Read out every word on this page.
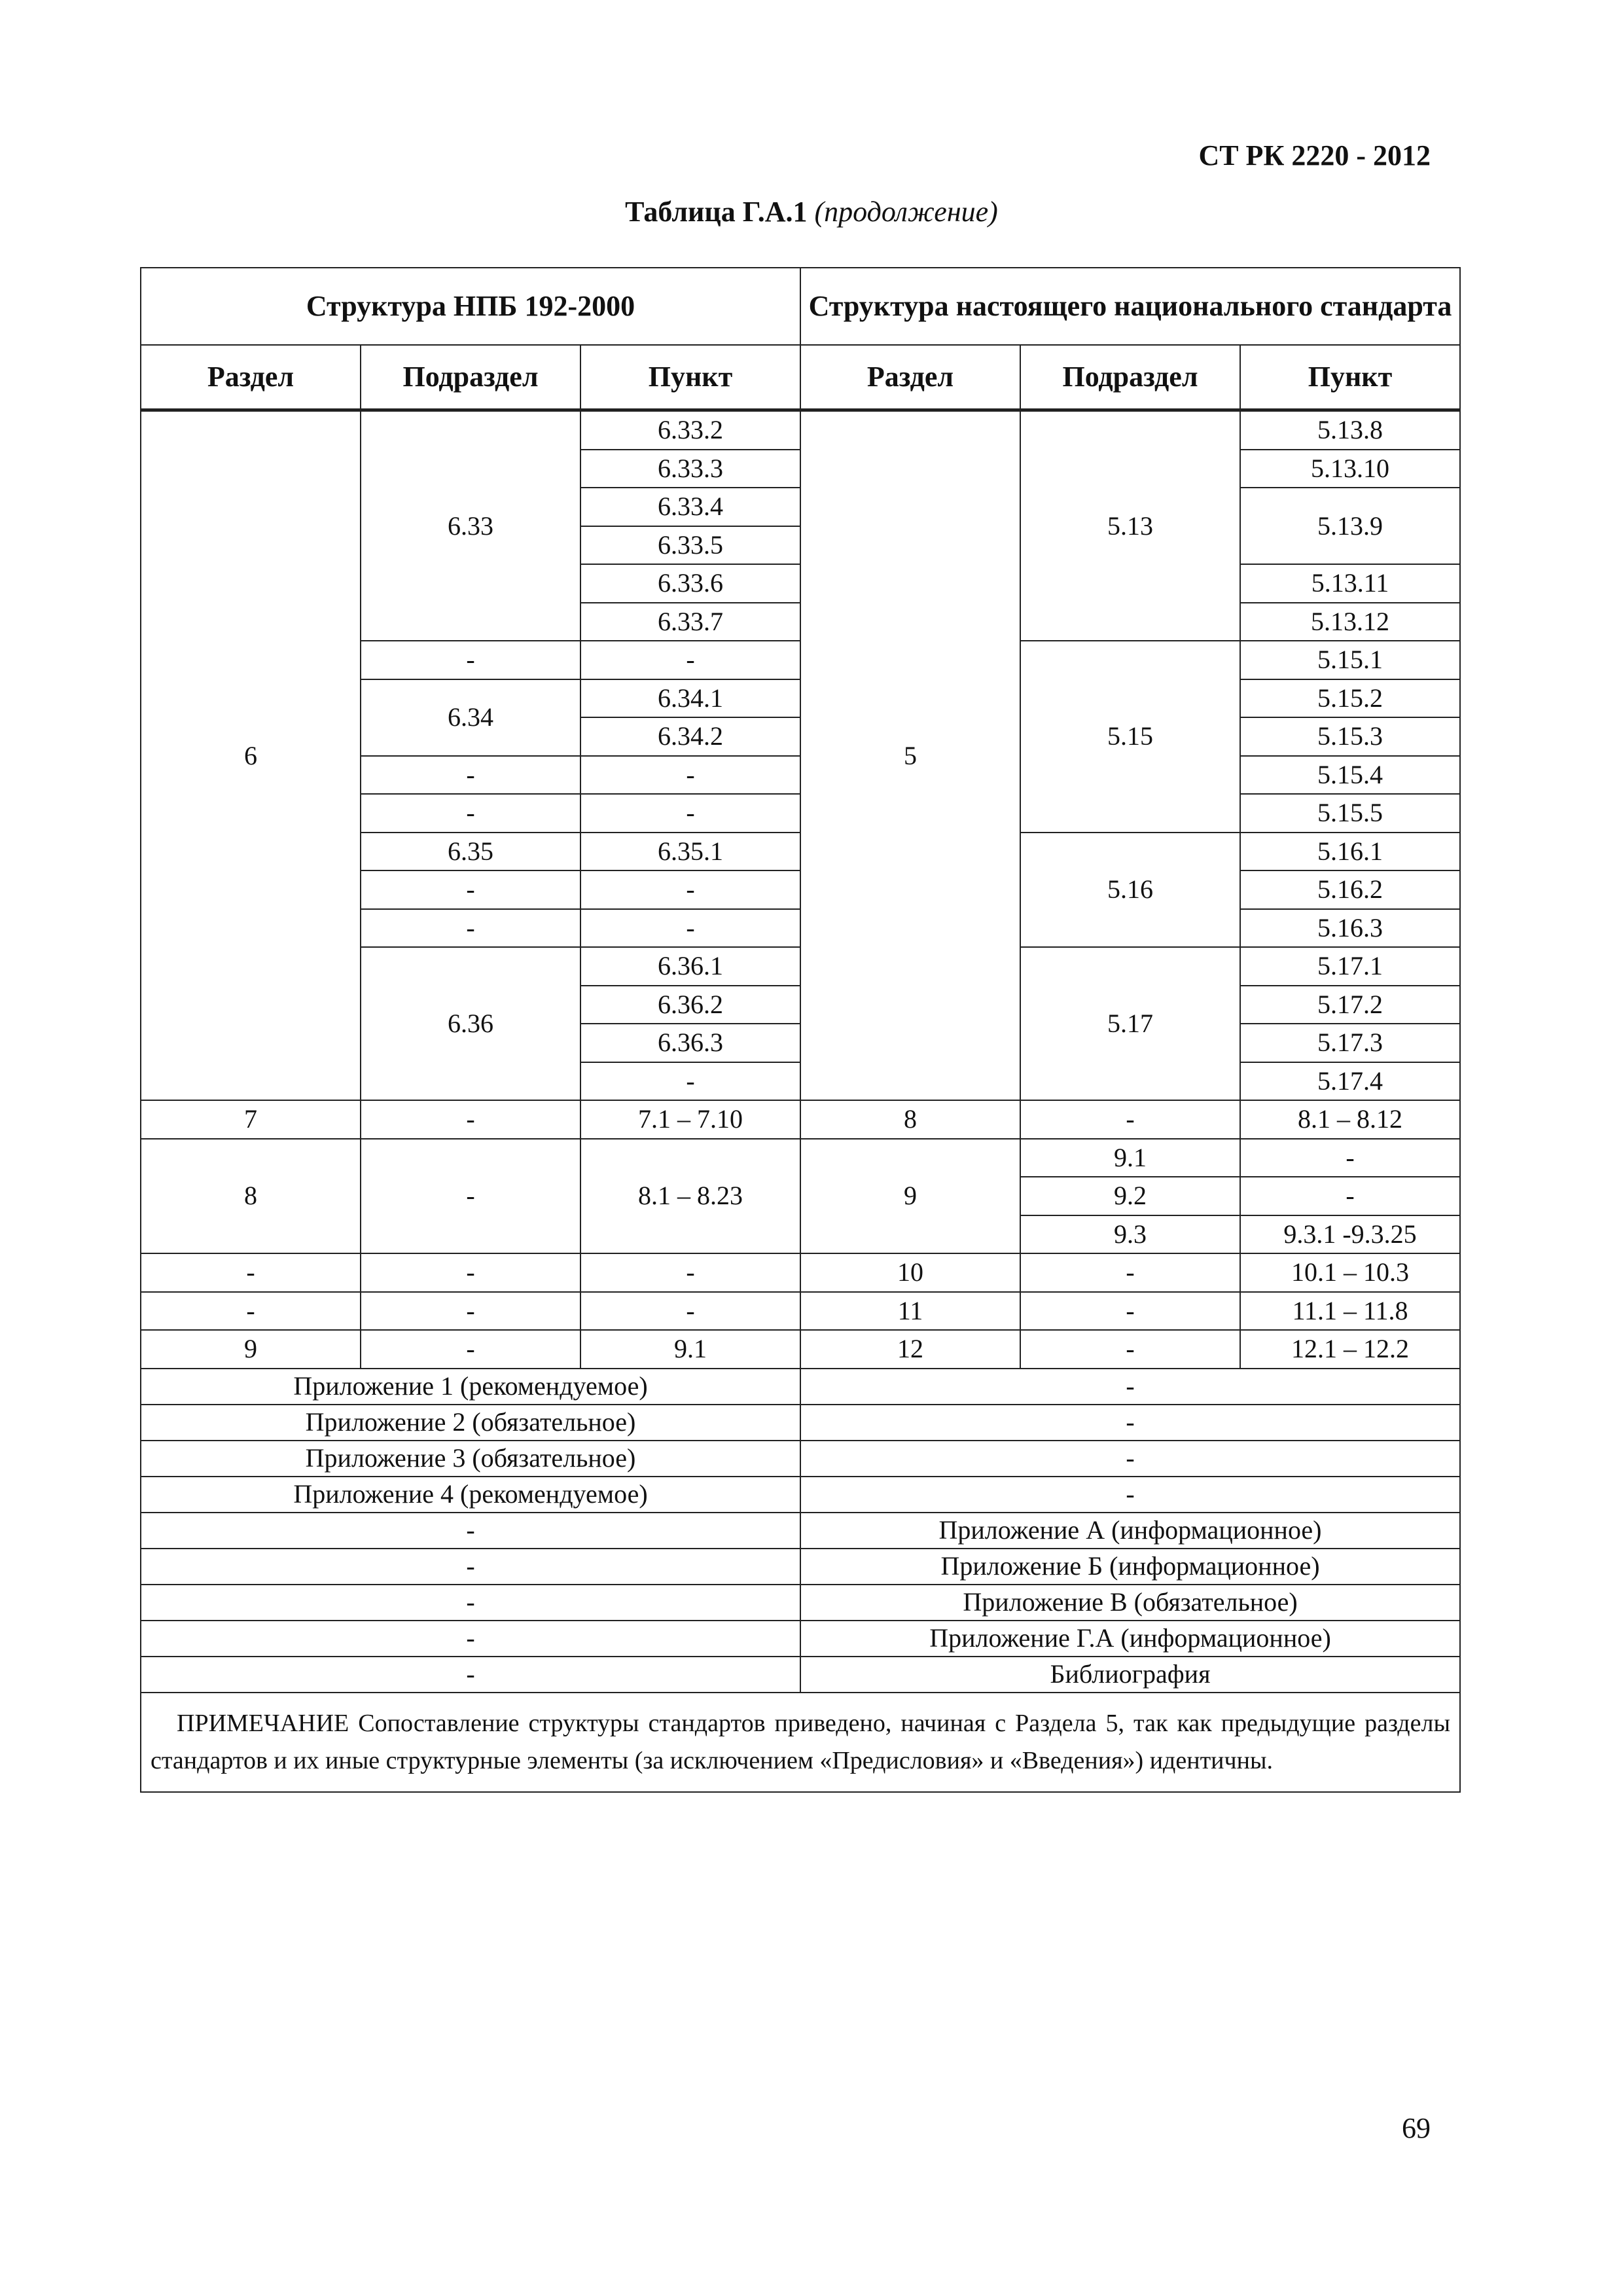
СТ РК 2220 - 2012
Таблица Г.А.1 (продолжение)
Структура НПБ 192-2000			Структура настоящего национального стандарта		
Раздел	Подраздел	Пункт	Раздел	Подраздел	Пункт
6	6.33	6.33.2	5	5.13	5.13.8
		6.33.3			5.13.10
		6.33.4			5.13.9
		6.33.5			
		6.33.6			5.13.11
		6.33.7			5.13.12
	-	-		5.15	5.15.1
	6.34	6.34.1			5.15.2
		6.34.2			5.15.3
	-	-			5.15.4
	-	-			5.15.5
	6.35	6.35.1		5.16	5.16.1
	-	-			5.16.2
	-	-			5.16.3
	6.36	6.36.1		5.17	5.17.1
		6.36.2			5.17.2
		6.36.3			5.17.3
		-			5.17.4
7	-	7.1 – 7.10	8	-	8.1 – 8.12
8	-	8.1 – 8.23	9	9.1	-
				9.2	-
				9.3	9.3.1 -9.3.25
-	-	-	10	-	10.1 – 10.3
-	-	-	11	-	11.1 – 11.8
9	-	9.1	12	-	12.1 – 12.2
Приложение 1 (рекомендуемое)			-		
Приложение 2 (обязательное)			-		
Приложение 3 (обязательное)			-		
Приложение 4 (рекомендуемое)			-		
-			Приложение А (информационное)		
-			Приложение Б (информационное)		
-			Приложение В (обязательное)		
-			Приложение Г.А (информационное)		
-			Библиография		
ПРИМЕЧАНИЕ Сопоставление структуры стандартов приведено, начиная с Раздела 5, так как предыдущие разделы стандартов и их иные структурные элементы (за исключением «Предисловия» и «Введения») идентичны.					
69
